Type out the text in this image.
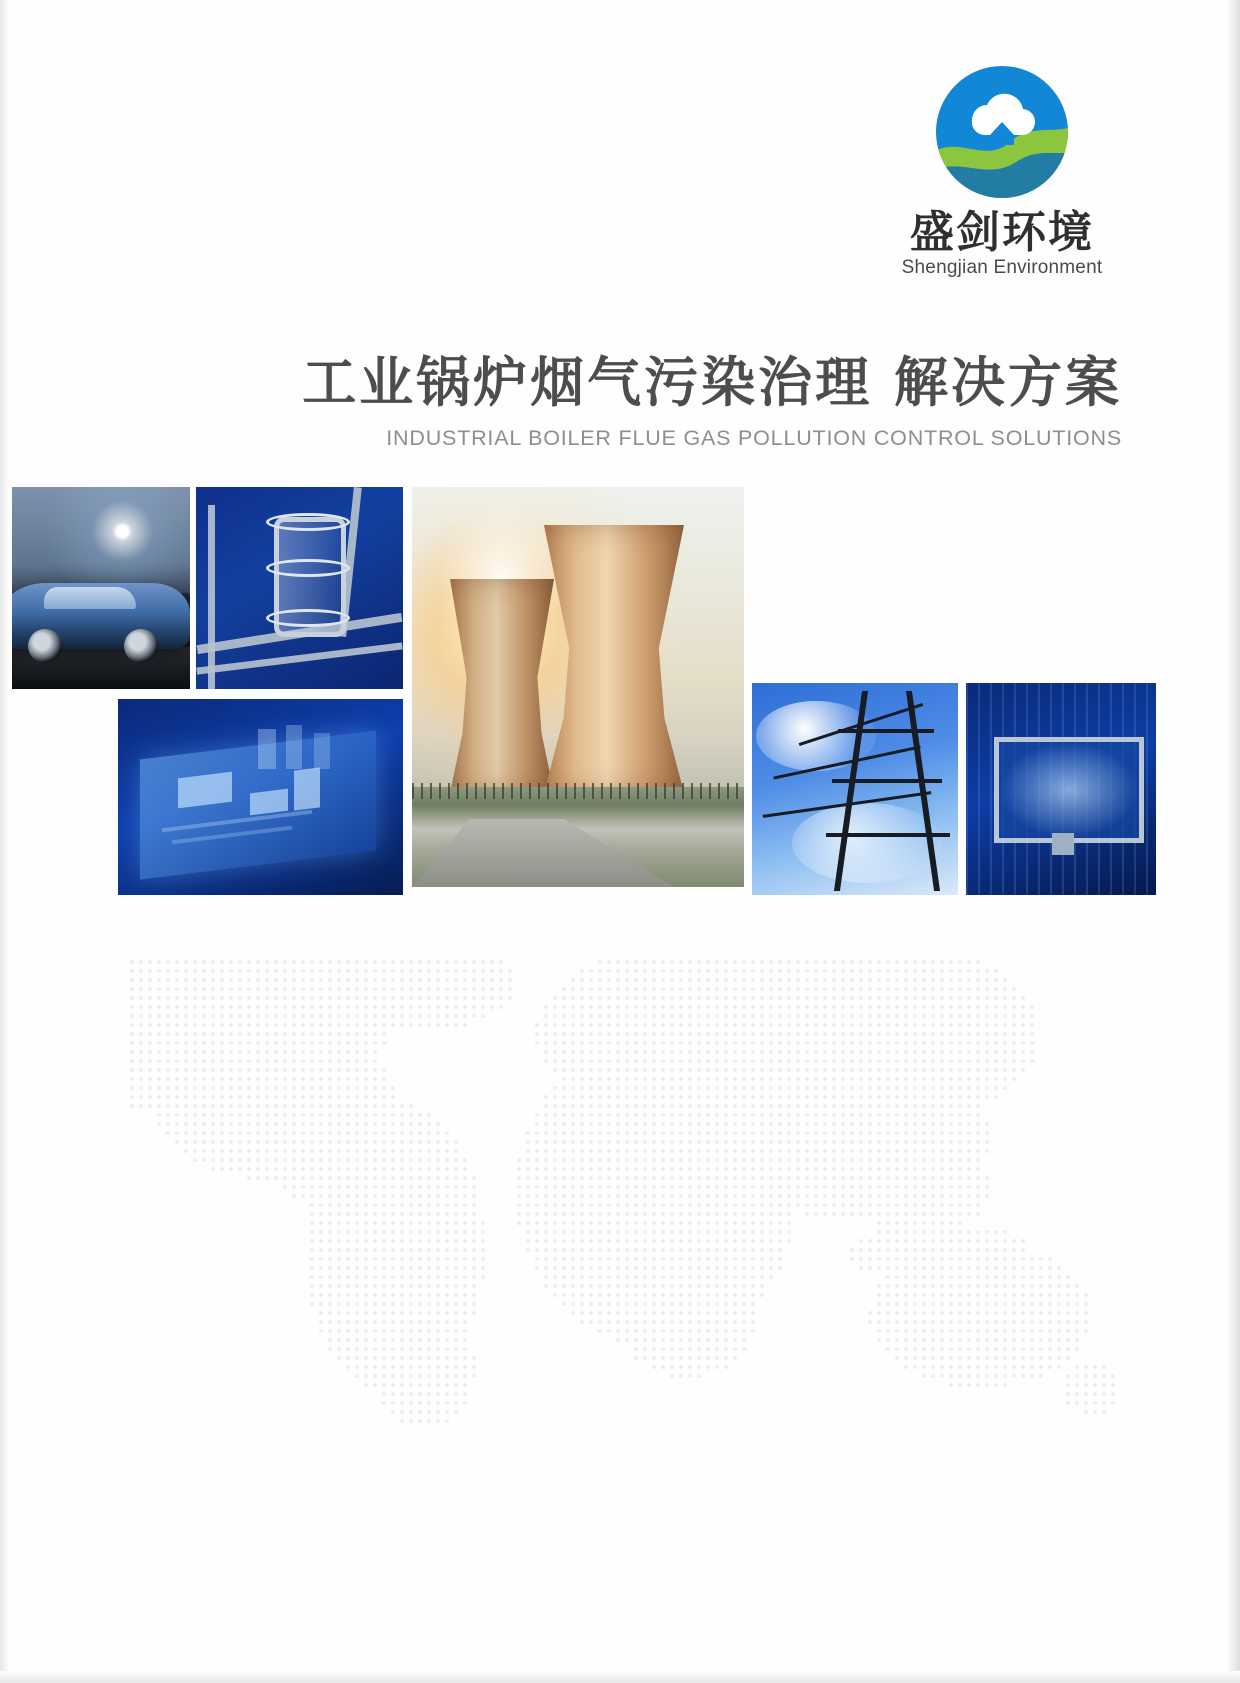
盛剑环境
Shengjian Environment
工业锅炉烟气污染治理 解决方案
INDUSTRIAL BOILER FLUE GAS POLLUTION CONTROL SOLUTIONS
